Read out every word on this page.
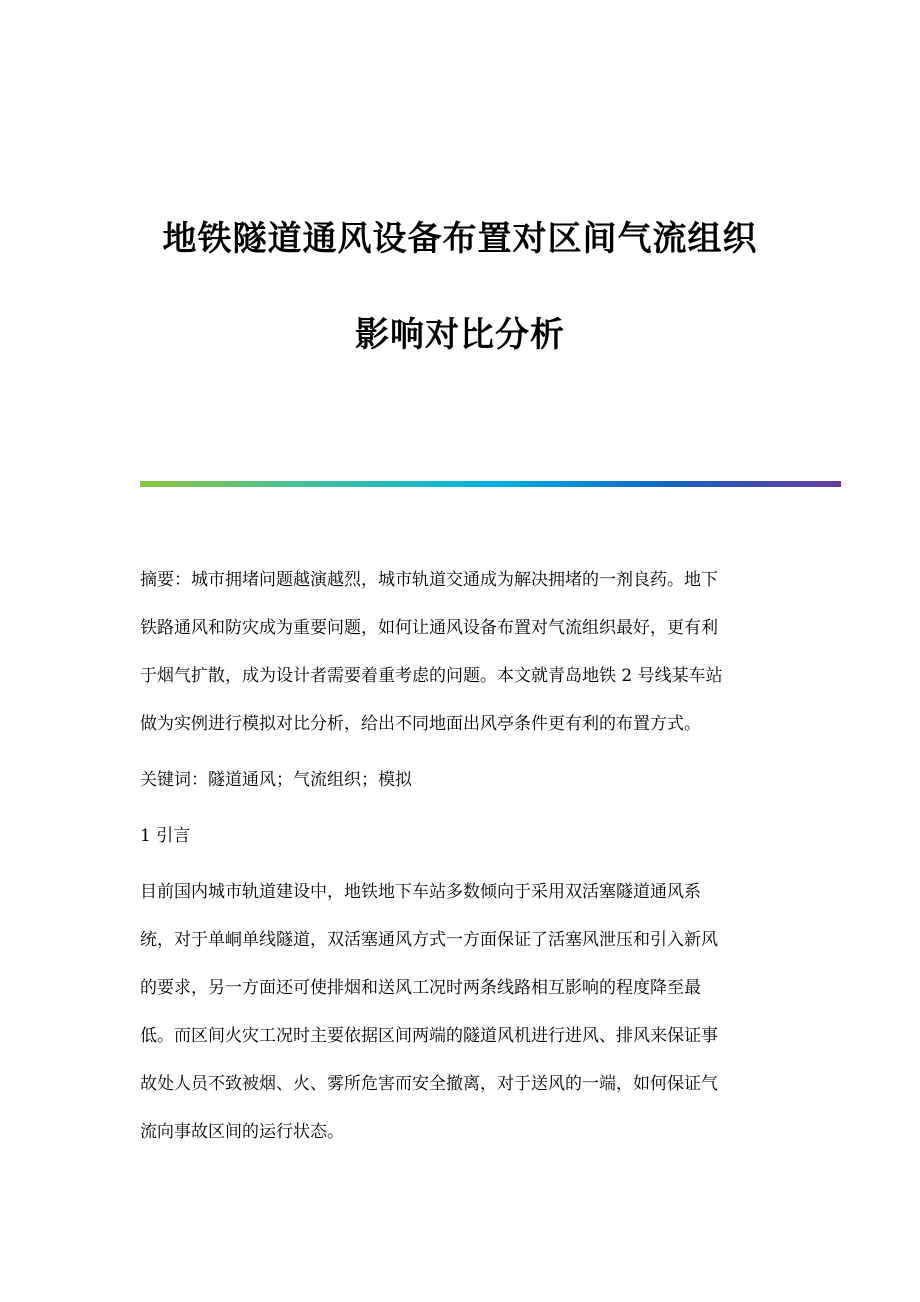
地铁隧道通风设备布置对区间气流组织
影响对比分析
摘要：城市拥堵问题越演越烈，城市轨道交通成为解决拥堵的一剂良药。地下
铁路通风和防灾成为重要问题，如何让通风设备布置对气流组织最好，更有利
于烟气扩散，成为设计者需要着重考虑的问题。本文就青岛地铁 2 号线某车站
做为实例进行模拟对比分析，给出不同地面出风亭条件更有利的布置方式。
关键词：隧道通风；气流组织；模拟
1 引言
目前国内城市轨道建设中，地铁地下车站多数倾向于采用双活塞隧道通风系
统，对于单峒单线隧道，双活塞通风方式一方面保证了活塞风泄压和引入新风
的要求，另一方面还可使排烟和送风工况时两条线路相互影响的程度降至最
低。而区间火灾工况时主要依据区间两端的隧道风机进行进风、排风来保证事
故处人员不致被烟、火、雾所危害而安全撤离，对于送风的一端，如何保证气
流向事故区间的运行状态。
